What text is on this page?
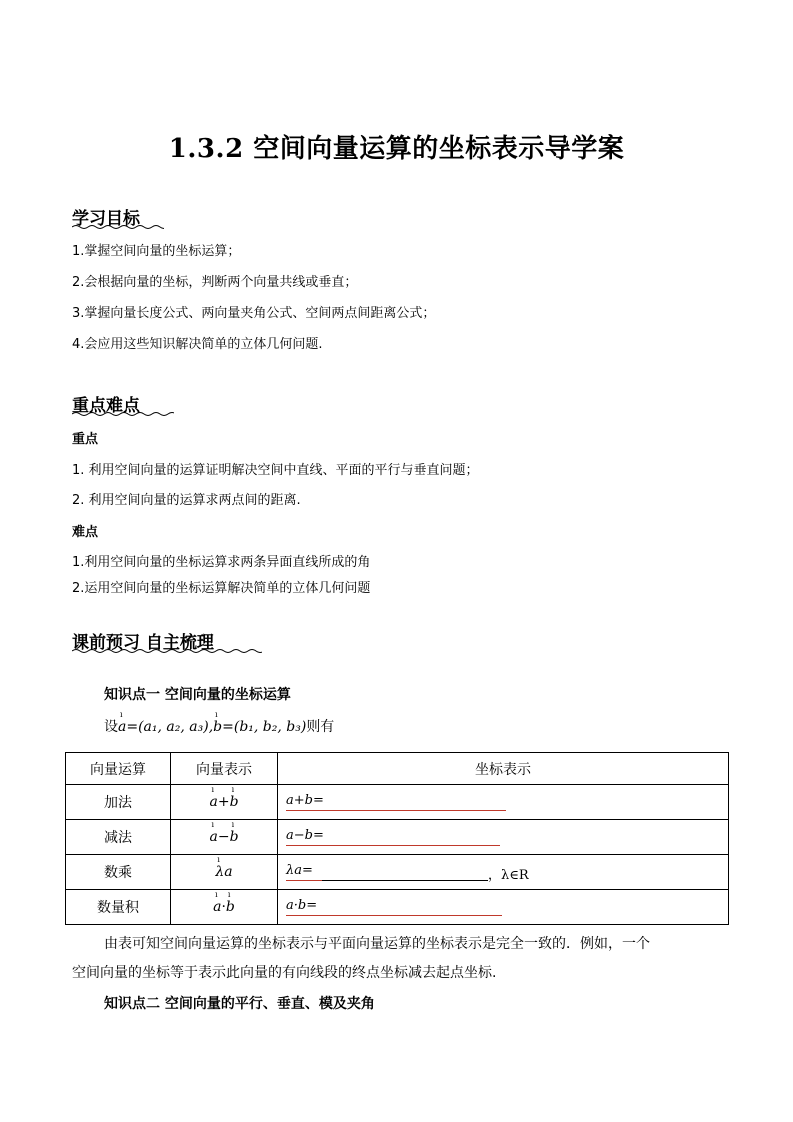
1.3.2 空间向量运算的坐标表示导学案
学习目标
1.掌握空间向量的坐标运算；
2.会根据向量的坐标，判断两个向量共线或垂直；
3.掌握向量长度公式、两向量夹角公式、空间两点间距离公式；
4.会应用这些知识解决简单的立体几何问题.
重点难点
重点
1. 利用空间向量的运算证明解决空间中直线、平面的平行与垂直问题；
2. 利用空间向量的运算求两点间的距离.
难点
1.利用空间向量的坐标运算求两条异面直线所成的角
2.运用空间向量的坐标运算解决简单的立体几何问题
课前预习 自主梳理
知识点一 空间向量的坐标运算
设ı a=(a₁, a₂, a₃),ı b=(b₁, b₂, b₃)则有
向量运算	向量表示	坐标表示
加法	ı a+ı b	a+b=

减法	ı a−ı b	a−b=

数乘	ı λa	λa= ，λ∈R

数量积	ı a·ı b	a·b=
由表可知空间向量运算的坐标表示与平面向量运算的坐标表示是完全一致的．例如，一个
空间向量的坐标等于表示此向量的有向线段的终点坐标减去起点坐标.
知识点二 空间向量的平行、垂直、模及夹角
